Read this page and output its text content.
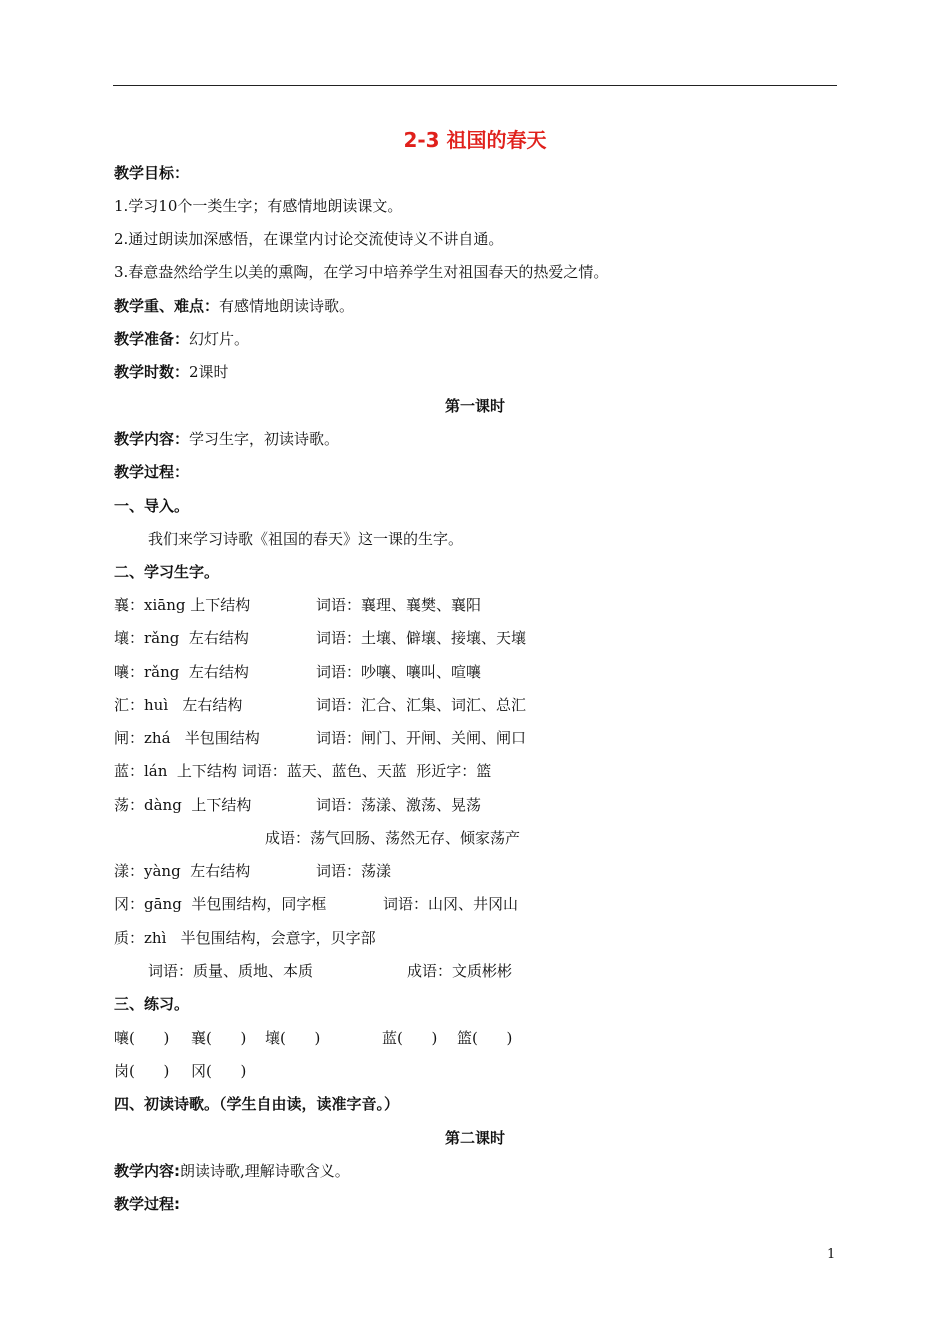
2-3 祖国的春天
教学目标：
1.学习10个一类生字；有感情地朗读课文。
2.通过朗读加深感悟，在课堂内讨论交流使诗义不讲自通。
3.春意盎然给学生以美的熏陶，在学习中培养学生对祖国春天的热爱之情。
教学重、难点：有感情地朗读诗歌。
教学准备：幻灯片。
教学时数：2课时
第一课时
教学内容：学习生字，初读诗歌。
教学过程：
一、导入。
我们来学习诗歌《祖国的春天》这一课的生字。
二、学习生字。
襄：xiāng 上下结构	词语：襄理、襄樊、襄阳
壤：rǎng  左右结构	词语：土壤、僻壤、接壤、天壤
嚷：rǎng  左右结构	词语：吵嚷、嚷叫、喧嚷
汇：huì   左右结构	词语：汇合、汇集、词汇、总汇
闸：zhá   半包围结构	词语：闸门、开闸、关闸、闸口
蓝：lán  上下结构 词语：蓝天、蓝色、天蓝  形近字：篮
荡：dàng  上下结构	词语：荡漾、激荡、晃荡
成语：荡气回肠、荡然无存、倾家荡产
漾：yàng  左右结构	词语：荡漾
冈：gāng  半包围结构，同字框	词语：山冈、井冈山
质：zhì   半包围结构，会意字，贝字部
词语：质量、质地、本质	成语：文质彬彬
三、练习。
嚷(      ) 襄(      ) 壤(      )	蓝(      ) 篮(      )
岗(      ) 冈(      )
四、初读诗歌。（学生自由读，读准字音。）
第二课时
教学内容:朗读诗歌,理解诗歌含义。
教学过程:
1
